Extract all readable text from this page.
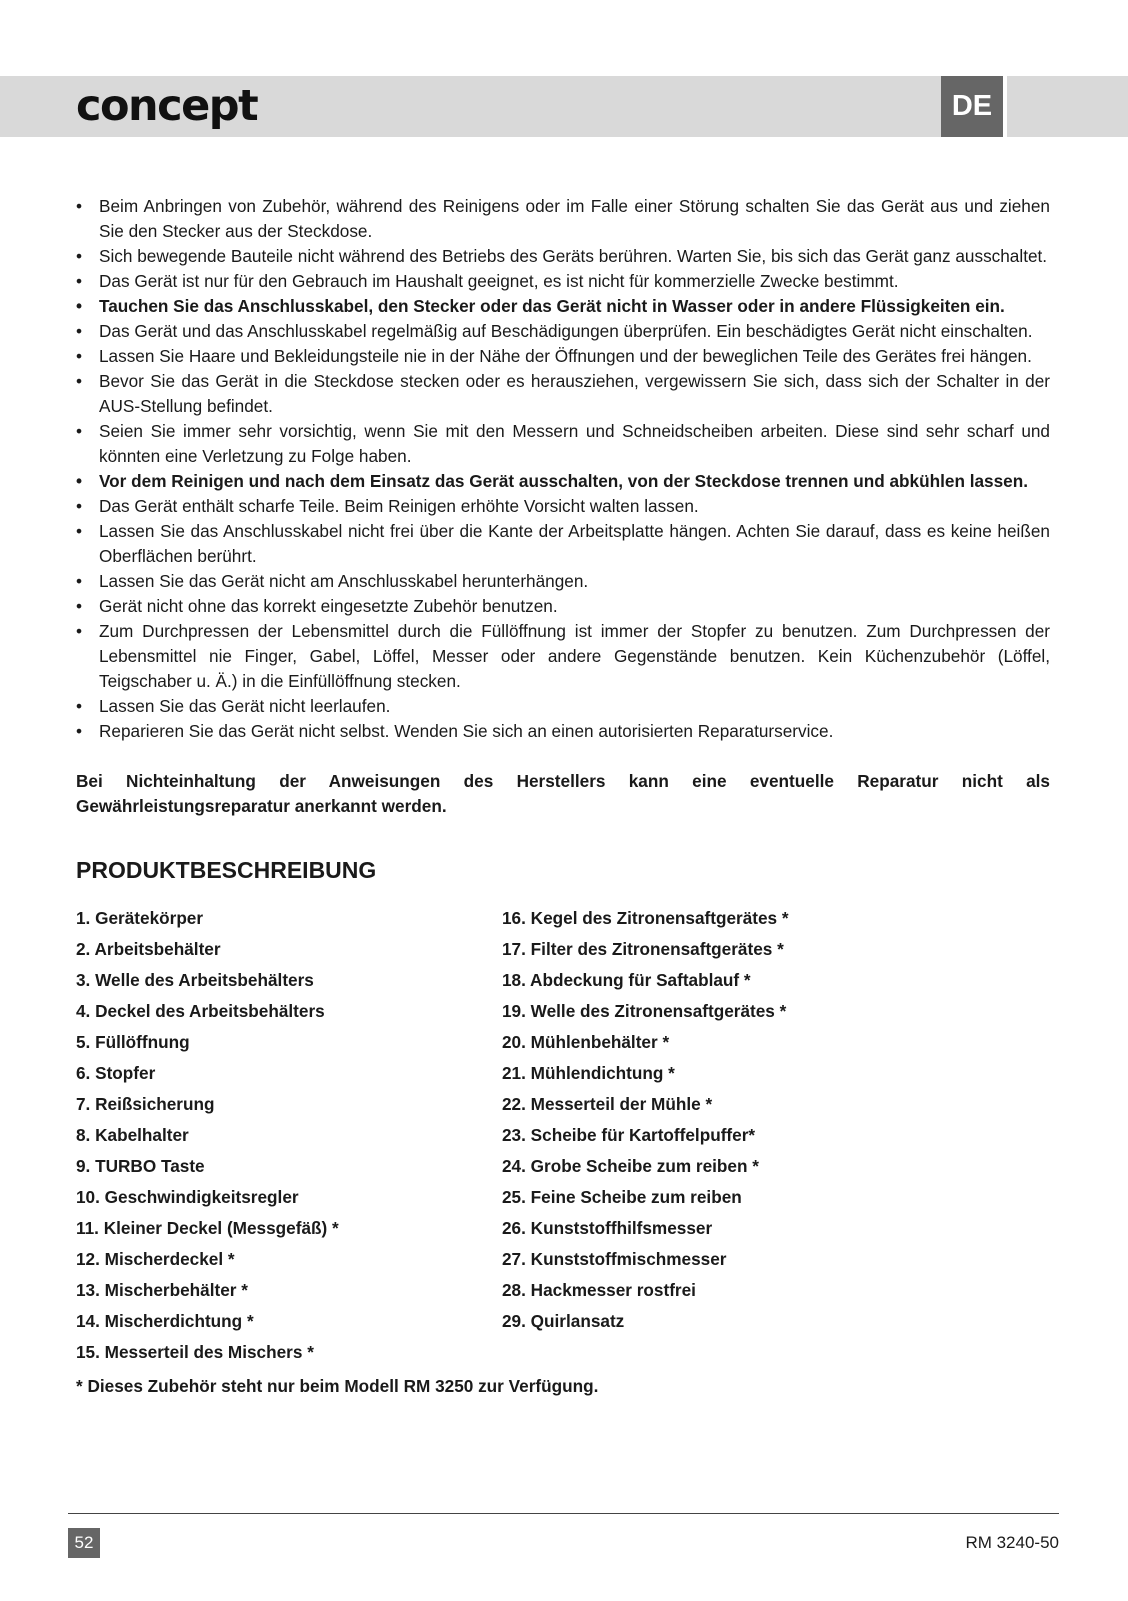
concept	DE
• Beim Anbringen von Zubehör, während des Reinigens oder im Falle einer Störung schalten Sie das Gerät aus und ziehen Sie den Stecker aus der Steckdose.
• Sich bewegende Bauteile nicht während des Betriebs des Geräts berühren. Warten Sie, bis sich das Gerät ganz ausschaltet.
• Das Gerät ist nur für den Gebrauch im Haushalt geeignet, es ist nicht für kommerzielle Zwecke bestimmt.
• Tauchen Sie das Anschlusskabel, den Stecker oder das Gerät nicht in Wasser oder in andere Flüssigkeiten ein.
• Das Gerät und das Anschlusskabel regelmäßig auf Beschädigungen überprüfen. Ein beschädigtes Gerät nicht einschalten.
• Lassen Sie Haare und Bekleidungsteile nie in der Nähe der Öffnungen und der beweglichen Teile des Gerätes frei hängen.
• Bevor Sie das Gerät in die Steckdose stecken oder es herausziehen, vergewissern Sie sich, dass sich der Schalter in der AUS-Stellung befindet.
• Seien Sie immer sehr vorsichtig, wenn Sie mit den Messern und Schneidscheiben arbeiten. Diese sind sehr scharf und könnten eine Verletzung zu Folge haben.
• Vor dem Reinigen und nach dem Einsatz das Gerät ausschalten, von der Steckdose trennen und abkühlen lassen.
• Das Gerät enthält scharfe Teile. Beim Reinigen erhöhte Vorsicht walten lassen.
• Lassen Sie das Anschlusskabel nicht frei über die Kante der Arbeitsplatte hängen. Achten Sie darauf, dass es keine heißen Oberflächen berührt.
• Lassen Sie das Gerät nicht am Anschlusskabel herunterhängen.
• Gerät nicht ohne das korrekt eingesetzte Zubehör benutzen.
• Zum Durchpressen der Lebensmittel durch die Füllöffnung ist immer der Stopfer zu benutzen. Zum Durchpressen der Lebensmittel nie Finger, Gabel, Löffel, Messer oder andere Gegenstände benutzen. Kein Küchenzubehör (Löffel, Teigschaber u. Ä.) in die Einfüllöffnung stecken.
• Lassen Sie das Gerät nicht leerlaufen.
• Reparieren Sie das Gerät nicht selbst. Wenden Sie sich an einen autorisierten Reparaturservice.
Bei Nichteinhaltung der Anweisungen des Herstellers kann eine eventuelle Reparatur nicht als Gewährleistungsreparatur anerkannt werden.
PRODUKTBESCHREIBUNG
1. Gerätekörper
2. Arbeitsbehälter
3. Welle des Arbeitsbehälters
4. Deckel des Arbeitsbehälters
5. Füllöffnung
6. Stopfer
7. Reißsicherung
8. Kabelhalter
9. TURBO Taste
10. Geschwindigkeitsregler
11. Kleiner Deckel (Messgefäß) *
12. Mischerdeckel *
13. Mischerbehälter *
14. Mischerdichtung *
15. Messerteil des Mischers *
16. Kegel des Zitronensaftgerätes *
17. Filter des Zitronensaftgerätes *
18. Abdeckung für Saftablauf *
19. Welle des Zitronensaftgerätes *
20. Mühlenbehälter *
21. Mühlendichtung *
22. Messerteil der Mühle *
23. Scheibe für Kartoffelpuffer*
24. Grobe Scheibe zum reiben *
25. Feine Scheibe zum reiben
26. Kunststoffhilfsmesser
27. Kunststoffmischmesser
28. Hackmesser rostfrei
29. Quirlansatz
* Dieses Zubehör steht nur beim Modell RM 3250 zur Verfügung.
52	RM 3240-50
